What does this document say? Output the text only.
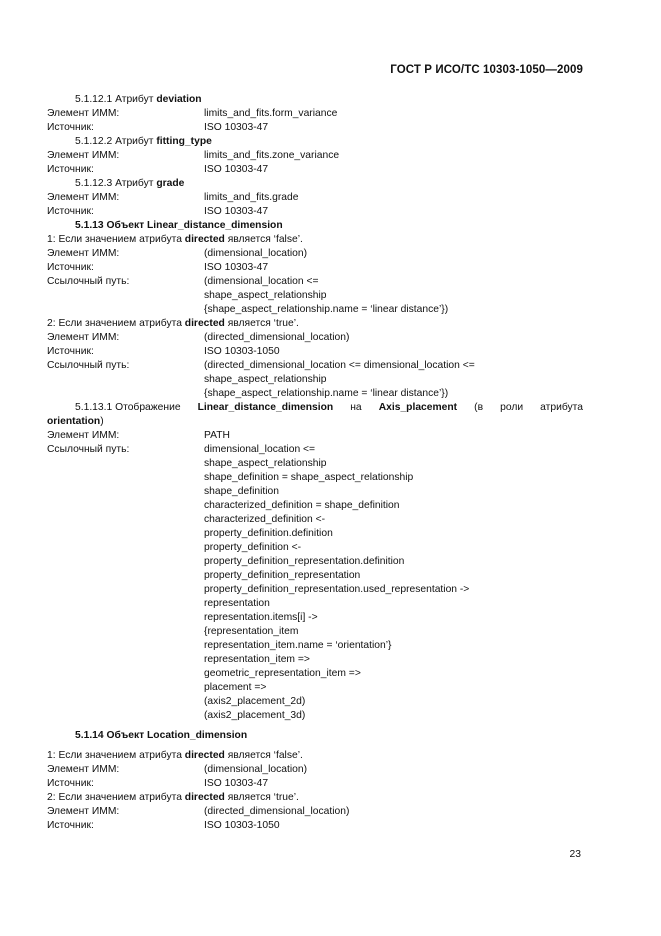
ГОСТ Р ИСО/ТС 10303-1050—2009
5.1.12.1 Атрибут deviation
Элемент ИММ:	limits_and_fits.form_variance
Источник:	ISO 10303-47
5.1.12.2 Атрибут fitting_type
Элемент ИММ:	limits_and_fits.zone_variance
Источник:	ISO 10303-47
5.1.12.3 Атрибут grade
Элемент ИММ:	limits_and_fits.grade
Источник:	ISO 10303-47
5.1.13 Объект Linear_distance_dimension
1: Если значением атрибута directed является ‘false’.
Элемент ИММ:	(dimensional_location)
Источник:	ISO 10303-47
Ссылочный путь:	(dimensional_location <=
shape_aspect_relationship
{shape_aspect_relationship.name = ‘linear distance’})
2: Если значением атрибута directed является ‘true’.
Элемент ИММ:	(directed_dimensional_location)
Источник:	ISO 10303-1050
Ссылочный путь:	(directed_dimensional_location <= dimensional_location <=
shape_aspect_relationship
{shape_aspect_relationship.name = ‘linear distance’})
5.1.13.1 Отображение Linear_distance_dimension на Axis_placement (в роли атрибута
orientation)
Элемент ИММ:	PATH
Ссылочный путь:	dimensional_location <=
shape_aspect_relationship
shape_definition = shape_aspect_relationship
shape_definition
characterized_definition = shape_definition
characterized_definition <-
property_definition.definition
property_definition <-
property_definition_representation.definition
property_definition_representation
property_definition_representation.used_representation ->
representation
representation.items[i] ->
{representation_item
representation_item.name = ‘orientation’}
representation_item =>
geometric_representation_item =>
placement =>
(axis2_placement_2d)
(axis2_placement_3d)
5.1.14 Объект Location_dimension
1: Если значением атрибута directed является ‘false’.
Элемент ИММ:	(dimensional_location)
Источник:	ISO 10303-47
2: Если значением атрибута directed является ‘true’.
Элемент ИММ:	(directed_dimensional_location)
Источник:	ISO 10303-1050
23
